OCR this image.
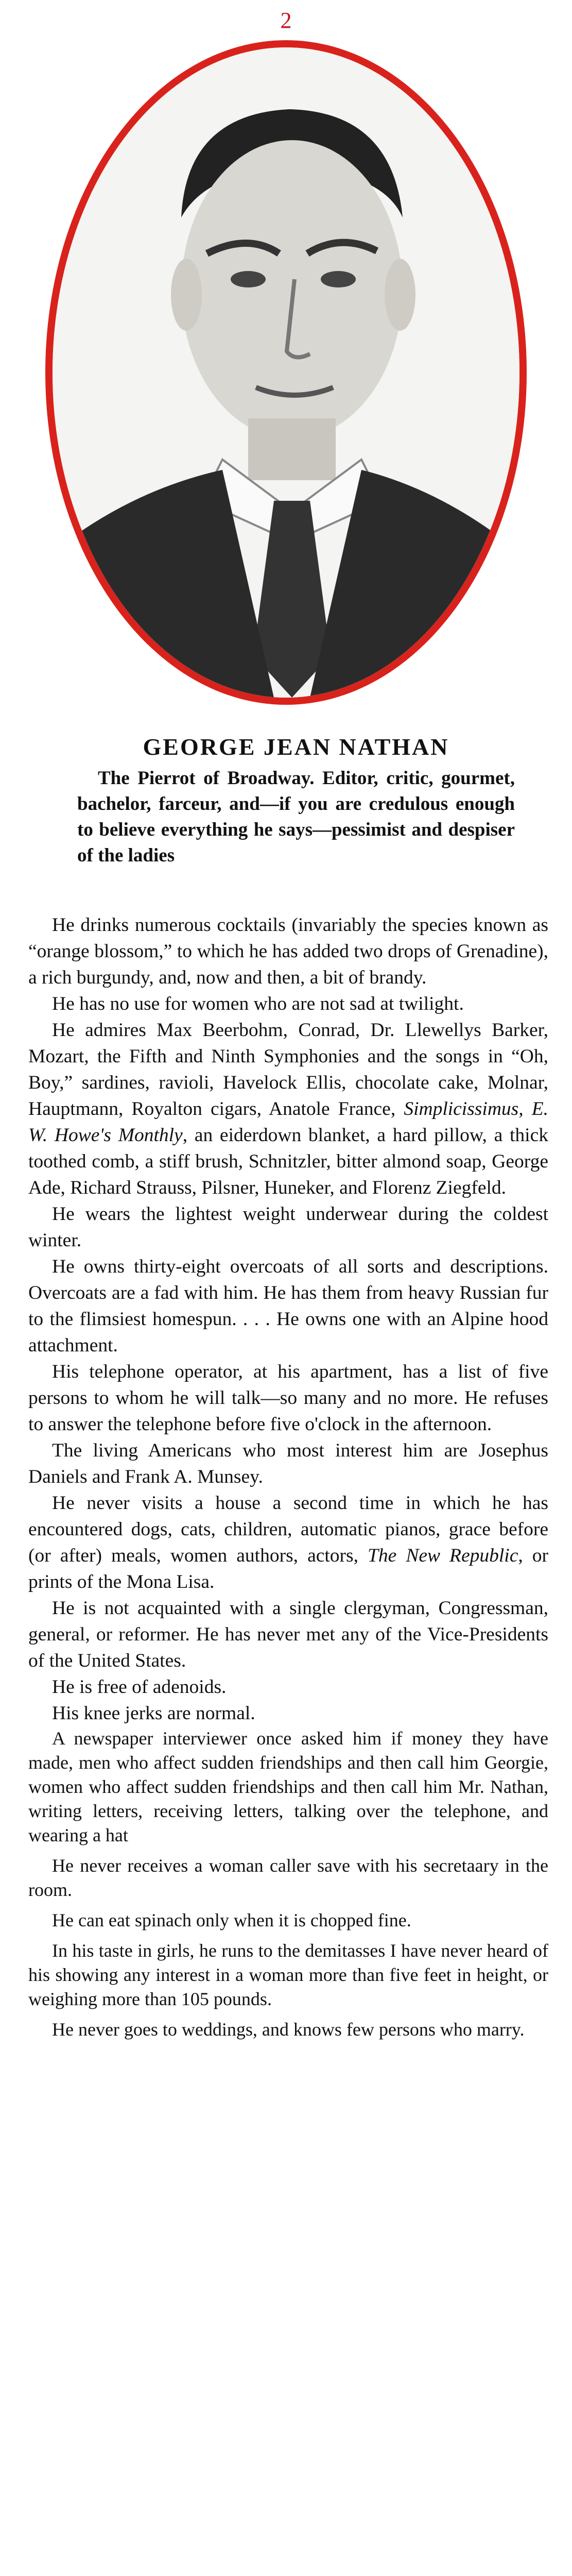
2
GEORGE JEAN NATHAN

The Pierrot of Broadway. Editor, critic, gourmet, bachelor, farceur, and—if you are credulous enough to believe everything he says—pessimist and despiser of the ladies

He drinks numerous cocktails (invariably the species known as “orange blossom,” to which he has added two drops of Grenadine), a rich burgundy, and, now and then, a bit of brandy.

He has no use for women who are not sad at twilight.

He admires Max Beerbohm, Conrad, Dr. Llewellys Barker, Mozart, the Fifth and Ninth Symphonies and the songs in “Oh, Boy,” sardines, ravioli, Havelock Ellis, chocolate cake, Molnar, Hauptmann, Royalton cigars, Anatole France, Simplicissimus, E. W. Howe's Monthly, an eiderdown blanket, a hard pillow, a thick toothed comb, a stiff brush, Schnitzler, bitter almond soap, George Ade, Richard Strauss, Pilsner, Huneker, and Florenz Ziegfeld.

He wears the lightest weight underwear during the coldest winter.

He owns thirty-eight overcoats of all sorts and descriptions. Overcoats are a fad with him. He has them from heavy Russian fur to the flimsiest homespun. . . . He owns one with an Alpine hood attachment.

His telephone operator, at his apartment, has a list of five persons to whom he will talk—so many and no more. He refuses to answer the telephone before five o'clock in the afternoon.

The living Americans who most interest him are Josephus Daniels and Frank A. Munsey.

He never visits a house a second time in which he has encountered dogs, cats, children, automatic pianos, grace before (or after) meals, women authors, actors, The New Republic, or prints of the Mona Lisa.

He is not acquainted with a single clergyman, Congressman, general, or reformer. He has never met any of the Vice-Presidents of the United States.

He is free of adenoids.

His knee jerks are normal.

A newspaper interviewer once asked him if money they have made, men who affect sudden friendships and then call him Georgie, women who affect sudden friendships and then call him Mr. Nathan, writing letters, receiving letters, talking over the telephone, and wearing a hat

He never receives a woman caller save with his secretaary in the room.

He can eat spinach only when it is chopped fine.

In his taste in girls, he runs to the demitasses I have never heard of his showing any interest in a woman more than five feet in height, or weighing more than 105 pounds.

He never goes to weddings, and knows few persons who marry.
